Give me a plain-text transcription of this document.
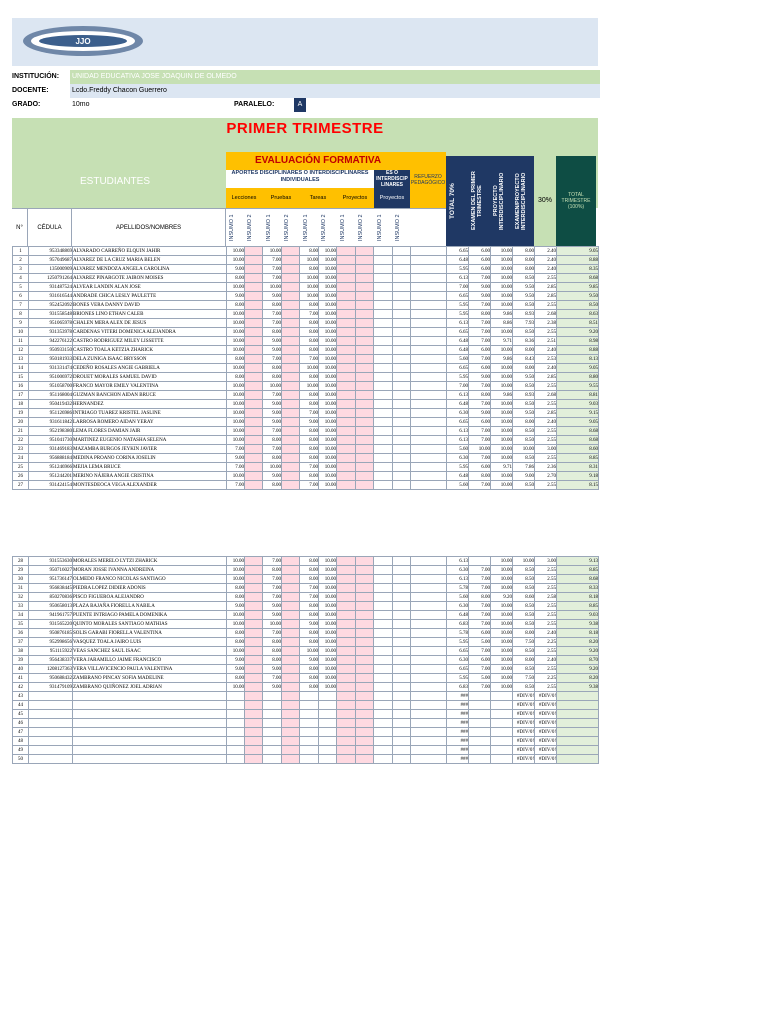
JJO
INSTITUCIÓN: UNIDAD EDUCATIVA JOSE JOAQUIN DE OLMEDO
DOCENTE:	Lcdo.Freddy Chacon Guerrero
GRADO:	10mo	PARALELO:	A
PRIMER TRIMESTRE
ESTUDIANTES
EVALUACIÓN FORMATIVA
APORTES DISCIPLINARES O INTERDISCIPLINARES INDIVIDUALES
ES O INTERDISCIP LINARES
REFUERZO PEDAGÓGICO
Lecciones	Pruebas	Tareas	Proyectos	Proyectos	TOTAL 70%	EXAMEN DEL PRIMER TRIMESTRE	PROYECTO INTERDISCIPLINARIO	EXAMEN/PROYECTO INTERDISCIPLINARIO	30%
TOTAL TRIMESTRE (100%)
N°	CÉDULA	APELLIDOS/NOMBRES	INSUMO 1	INSUMO 2	INSUMO 1	INSUMO 2	INSUMO 1	INSUMO 2	INSUMO 1	INSUMO 2	INSUMO 1	INSUMO 2
1	953348869	ALVARADO CARREÑO ELQUIN JAHIR	10.00		10.00		8.00	10.00						6.65	6.00	10.00	8.00	2.40	9.05
2	957049687	ALVAREZ DE LA CRUZ MARIA BELEN	10.00		7.00		10.00	10.00						6.48	6.00	10.00	8.00	2.40	8.88
3	135000909	ALVAREZ MENDOZA ANGELA CAROLINA	9.00		7.00		8.00	10.00						5.95	6.00	10.00	8.00	2.40	8.35
4	1250791264	ALVAREZ PINARGOTE JAIRON MOISES	8.00		7.00		10.00	10.00						6.13	7.00	10.00	8.50	2.55	8.68
5	931487524	ALVEAR LANDIN ALAN JOSE	10.00		10.00		10.00	10.00						7.00	9.00	10.00	9.50	2.85	9.85
6	931616544	ANDRADE CHICA LESLY PAULETTE	9.00		9.00		10.00	10.00						6.65	9.00	10.00	9.50	2.85	9.50
7	952452092	BONES VERA DANNY DAVID	8.00		8.00		8.00	10.00						5.95	7.00	10.00	8.50	2.55	8.50
8	931558548	BRIONES LINO ETHAN CALEB	10.00		7.00		7.00	10.00						5.95	8.00	9.86	8.93	2.68	8.63
9	951065978	CHALEN MERA ALEX DE JESUS	10.00		7.00		8.00	10.00						6.13	7.00	8.86	7.93	2.38	8.51
10	931353978	CARDENAS VITERI DOMENICA ALEJANDRA	10.00		8.00		8.00	10.00						6.65	7.00	10.00	8.50	2.55	9.20
11	942276122	CASTRO RODRIGUEZ MILEY LISSETTE	10.00		9.00		8.00	10.00						6.48	7.00	9.71	8.36	2.51	8.98
12	950933150	CASTRO TOALA KETZIA ZHARICK	10.00		9.00		8.00	10.00						6.48	6.00	10.00	8.00	2.40	8.88
13	950181933	DELA ZUNIGA ISAAC BRYSSON	8.00		7.00		7.00	10.00						5.60	7.00	9.86	8.43	2.53	8.13
14	931331474	CEDEÑO ROSALES ANGIE GABRIELA	10.00		8.00		10.00	10.00						6.65	6.00	10.00	8.00	2.40	9.05
15	951006972	DROUET MORALES SAMUEL DAVID	8.00		8.00		8.00	10.00						5.95	9.00	10.00	9.50	2.85	8.80
16	951058700	FRANCO MAYOR EMILY VALENTINA	10.00		10.00		10.00	10.00						7.00	7.00	10.00	8.50	2.55	9.55
17	951168004	GUZMAN BANCHON AIDAN BRUCE	10.00		7.00		8.00	10.00						6.13	8.00	9.86	8.93	2.68	8.81
18	950419432	HERNANDEZ	10.00		9.00		8.00	10.00						6.48	7.00	10.00	8.50	2.55	9.03
19	951126986	INTRIAGO TUAREZ KRISTEL JASLINE	10.00		9.00		7.00	10.00						6.30	9.00	10.00	9.50	2.85	9.15
20	931611842	LARROSA ROMERO AIDAN YERAY	10.00		9.00		9.00	10.00						6.65	6.00	10.00	8.00	2.40	9.05
21	952198380	LEMA FLORES DAMIAN JAIR	10.00		7.00		8.00	10.00						6.13	7.00	10.00	8.50	2.55	8.68
22	951041730	MARTINEZ EUGENIO NATASHA SELENA	10.00		8.00		8.00	10.00						6.13	7.00	10.00	8.50	2.55	8.68
23	931469183	MAZAMBA BURGOS JEYKIN JAVIER	7.00		7.00		8.00	10.00						5.60	10.00	10.00	10.00	3.00	8.60
24	956888184	MEDINA PROANO CORINA JOSELIN	9.00		8.00		8.00	10.00						6.30	7.00	10.00	8.50	2.55	8.85
25	951246966	MEJIA LEMA BRUCE	7.00		10.00		7.00	10.00						5.95	6.00	9.71	7.86	2.36	8.31
26	951244201	MERINO NÁJERA ANGIE CRISTINA	10.00		9.00		8.00	10.00						6.48	8.00	10.00	9.00	2.70	9.18
27	931424154	MONTESDEOCA VEGA ALEXANDER	7.00		8.00		7.00	10.00						5.60	7.00	10.00	8.50	2.55	8.15
28	931553630	MORALES MERELO LYTZI ZHARICK	10.00		7.00		8.00	10.00						6.13		10.00	10.00	3.00	9.13
29	950716027	MORAN JOSSE IVANNA ANDREINA	10.00		8.00		8.00	10.00						6.30	7.00	10.00	8.50	2.55	8.85
30	951736147	OLMEDO FRANCO NICOLAS SANTIAGO	10.00		7.00		8.00	10.00						6.13	7.00	10.00	8.50	2.55	8.68
31	956838445	PIEDRA LOPEZ DIDIER ADONIS	8.00		7.00		7.00	10.00						5.78	7.00	10.00	8.50	2.55	8.33
32	850270836	PISCO FIGUEROA ALEJANDRO	8.00		7.00		7.00	10.00						5.60	8.00	9.20	8.60	2.58	8.18
33	950658013	PLAZA BAJAÑA FIORELLA NABILA	9.00		9.00		8.00	10.00						6.30	7.00	10.00	8.50	2.55	8.85
34	941961757	PUENTE INTRIAGO PAMELA DOMENIKA	10.00		9.00		8.00	10.00						6.48	7.00	10.00	8.50	2.55	9.03
35	931565220	QUINTO MORALES SANTIAGO MATHIAS	10.00		10.00		9.00	10.00						6.83	7.00	10.00	8.50	2.55	9.38
36	950876185	SOLIS GARABI FIORELLA VALENTINA	8.00		7.00		8.00	10.00						5.78	6.00	10.00	8.00	2.40	8.18
37	952998656	VASQUEZ TOALA JAIRO LUIS	8.00		8.00		8.00	10.00						5.95	5.00	10.00	7.50	2.25	8.20
38	951115922	VEAS SANCHEZ SAUL ISAAC	10.00		8.00		10.00	10.00						6.65	7.00	10.00	8.50	2.55	9.20
39	956438337	VERA JARAMILLO JAIME FRANCISCO	9.00		8.00		9.00	10.00						6.30	6.00	10.00	8.00	2.40	8.70
40	1208127363	VERA VILLAVICENCIO PAULA VALENTINA	9.00		9.00		8.00	10.00						6.65	7.00	10.00	8.50	2.55	9.20
41	950688432	ZAMBRANO PINCAY SOFIA MADELINE	8.00		7.00		8.00	10.00						5.95	5.00	10.00	7.50	2.25	8.20
42	931479109	ZAMBRANO QUIÑONEZ JOEL ADRIAN	10.00		9.00		8.00	10.00						6.83	7.00	10.00	8.50	2.55	9.38
43														###			#DIV/0!	#DIV/0!	
44														###			#DIV/0!	#DIV/0!	
45														###			#DIV/0!	#DIV/0!	
46														###			#DIV/0!	#DIV/0!	
47														###			#DIV/0!	#DIV/0!	
48														###			#DIV/0!	#DIV/0!	
49														###			#DIV/0!	#DIV/0!	
50														###			#DIV/0!	#DIV/0!	
